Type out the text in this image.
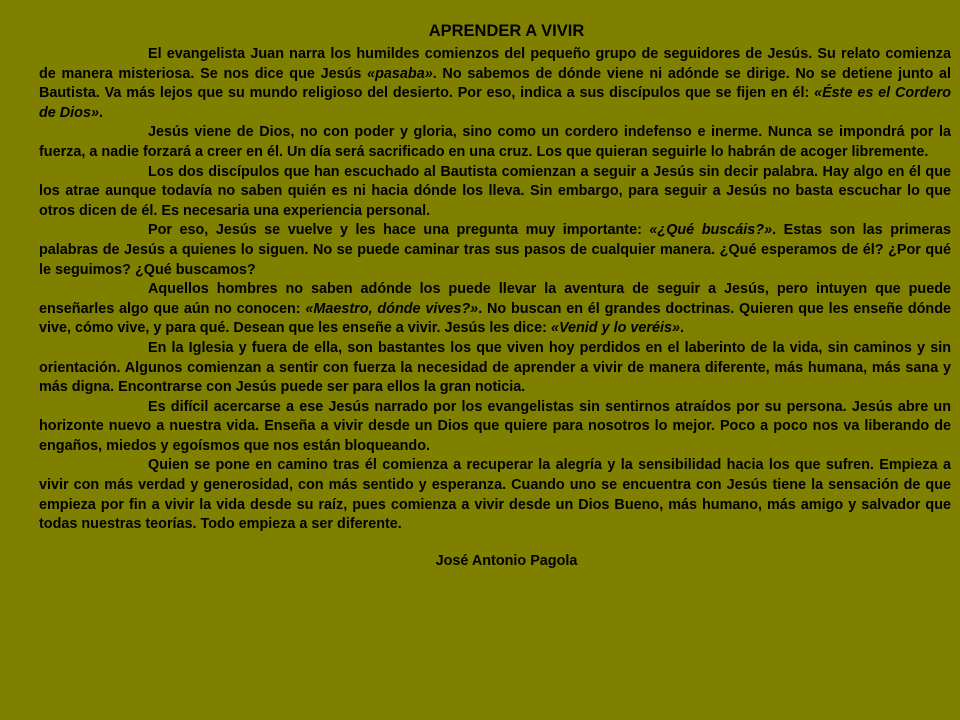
APRENDER A VIVIR

El evangelista Juan narra los humildes comienzos del pequeño grupo de seguidores de Jesús. Su relato comienza de manera misteriosa. Se nos dice que Jesús «pasaba». No sabemos de dónde viene ni adónde se dirige. No se detiene junto al Bautista. Va más lejos que su mundo religioso del desierto. Por eso, indica a sus discípulos que se fijen en él: «Éste es el Cordero de Dios».

Jesús viene de Dios, no con poder y gloria, sino como un cordero indefenso e inerme. Nunca se impondrá por la fuerza, a nadie forzará a creer en él. Un día será sacrificado en una cruz. Los que quieran seguirle lo habrán de acoger libremente.

Los dos discípulos que han escuchado al Bautista comienzan a seguir a Jesús sin decir palabra. Hay algo en él que los atrae aunque todavía no saben quién es ni hacia dónde los lleva. Sin embargo, para seguir a Jesús no basta escuchar lo que otros dicen de él. Es necesaria una experiencia personal.

Por eso, Jesús se vuelve y les hace una pregunta muy importante: «¿Qué buscáis?». Estas son las primeras palabras de Jesús a quienes lo siguen. No se puede caminar tras sus pasos de cualquier manera. ¿Qué esperamos de él? ¿Por qué le seguimos? ¿Qué buscamos?

Aquellos hombres no saben adónde los puede llevar la aventura de seguir a Jesús, pero intuyen que puede enseñarles algo que aún no conocen: «Maestro, dónde vives?». No buscan en él grandes doctrinas. Quieren que les enseñe dónde vive, cómo vive, y para qué. Desean que les enseñe a vivir. Jesús les dice: «Venid y lo veréis».

En la Iglesia y fuera de ella, son bastantes los que viven hoy perdidos en el laberinto de la vida, sin caminos y sin orientación. Algunos comienzan a sentir con fuerza la necesidad de aprender a vivir de manera diferente, más humana, más sana y más digna. Encontrarse con Jesús puede ser para ellos la gran noticia.

Es difícil acercarse a ese Jesús narrado por los evangelistas sin sentirnos atraídos por su persona. Jesús abre un horizonte nuevo a nuestra vida. Enseña a vivir desde un Dios que quiere para nosotros lo mejor. Poco a poco nos va liberando de engaños, miedos y egoísmos que nos están bloqueando.

Quien se pone en camino tras él comienza a recuperar la alegría y la sensibilidad hacia los que sufren. Empieza a vivir con más verdad y generosidad, con más sentido y esperanza. Cuando uno se encuentra con Jesús tiene la sensación de que empieza por fin a vivir la vida desde su raíz, pues comienza a vivir desde un Dios Bueno, más humano, más amigo y salvador que todas nuestras teorías. Todo empieza a ser diferente.

José Antonio Pagola
